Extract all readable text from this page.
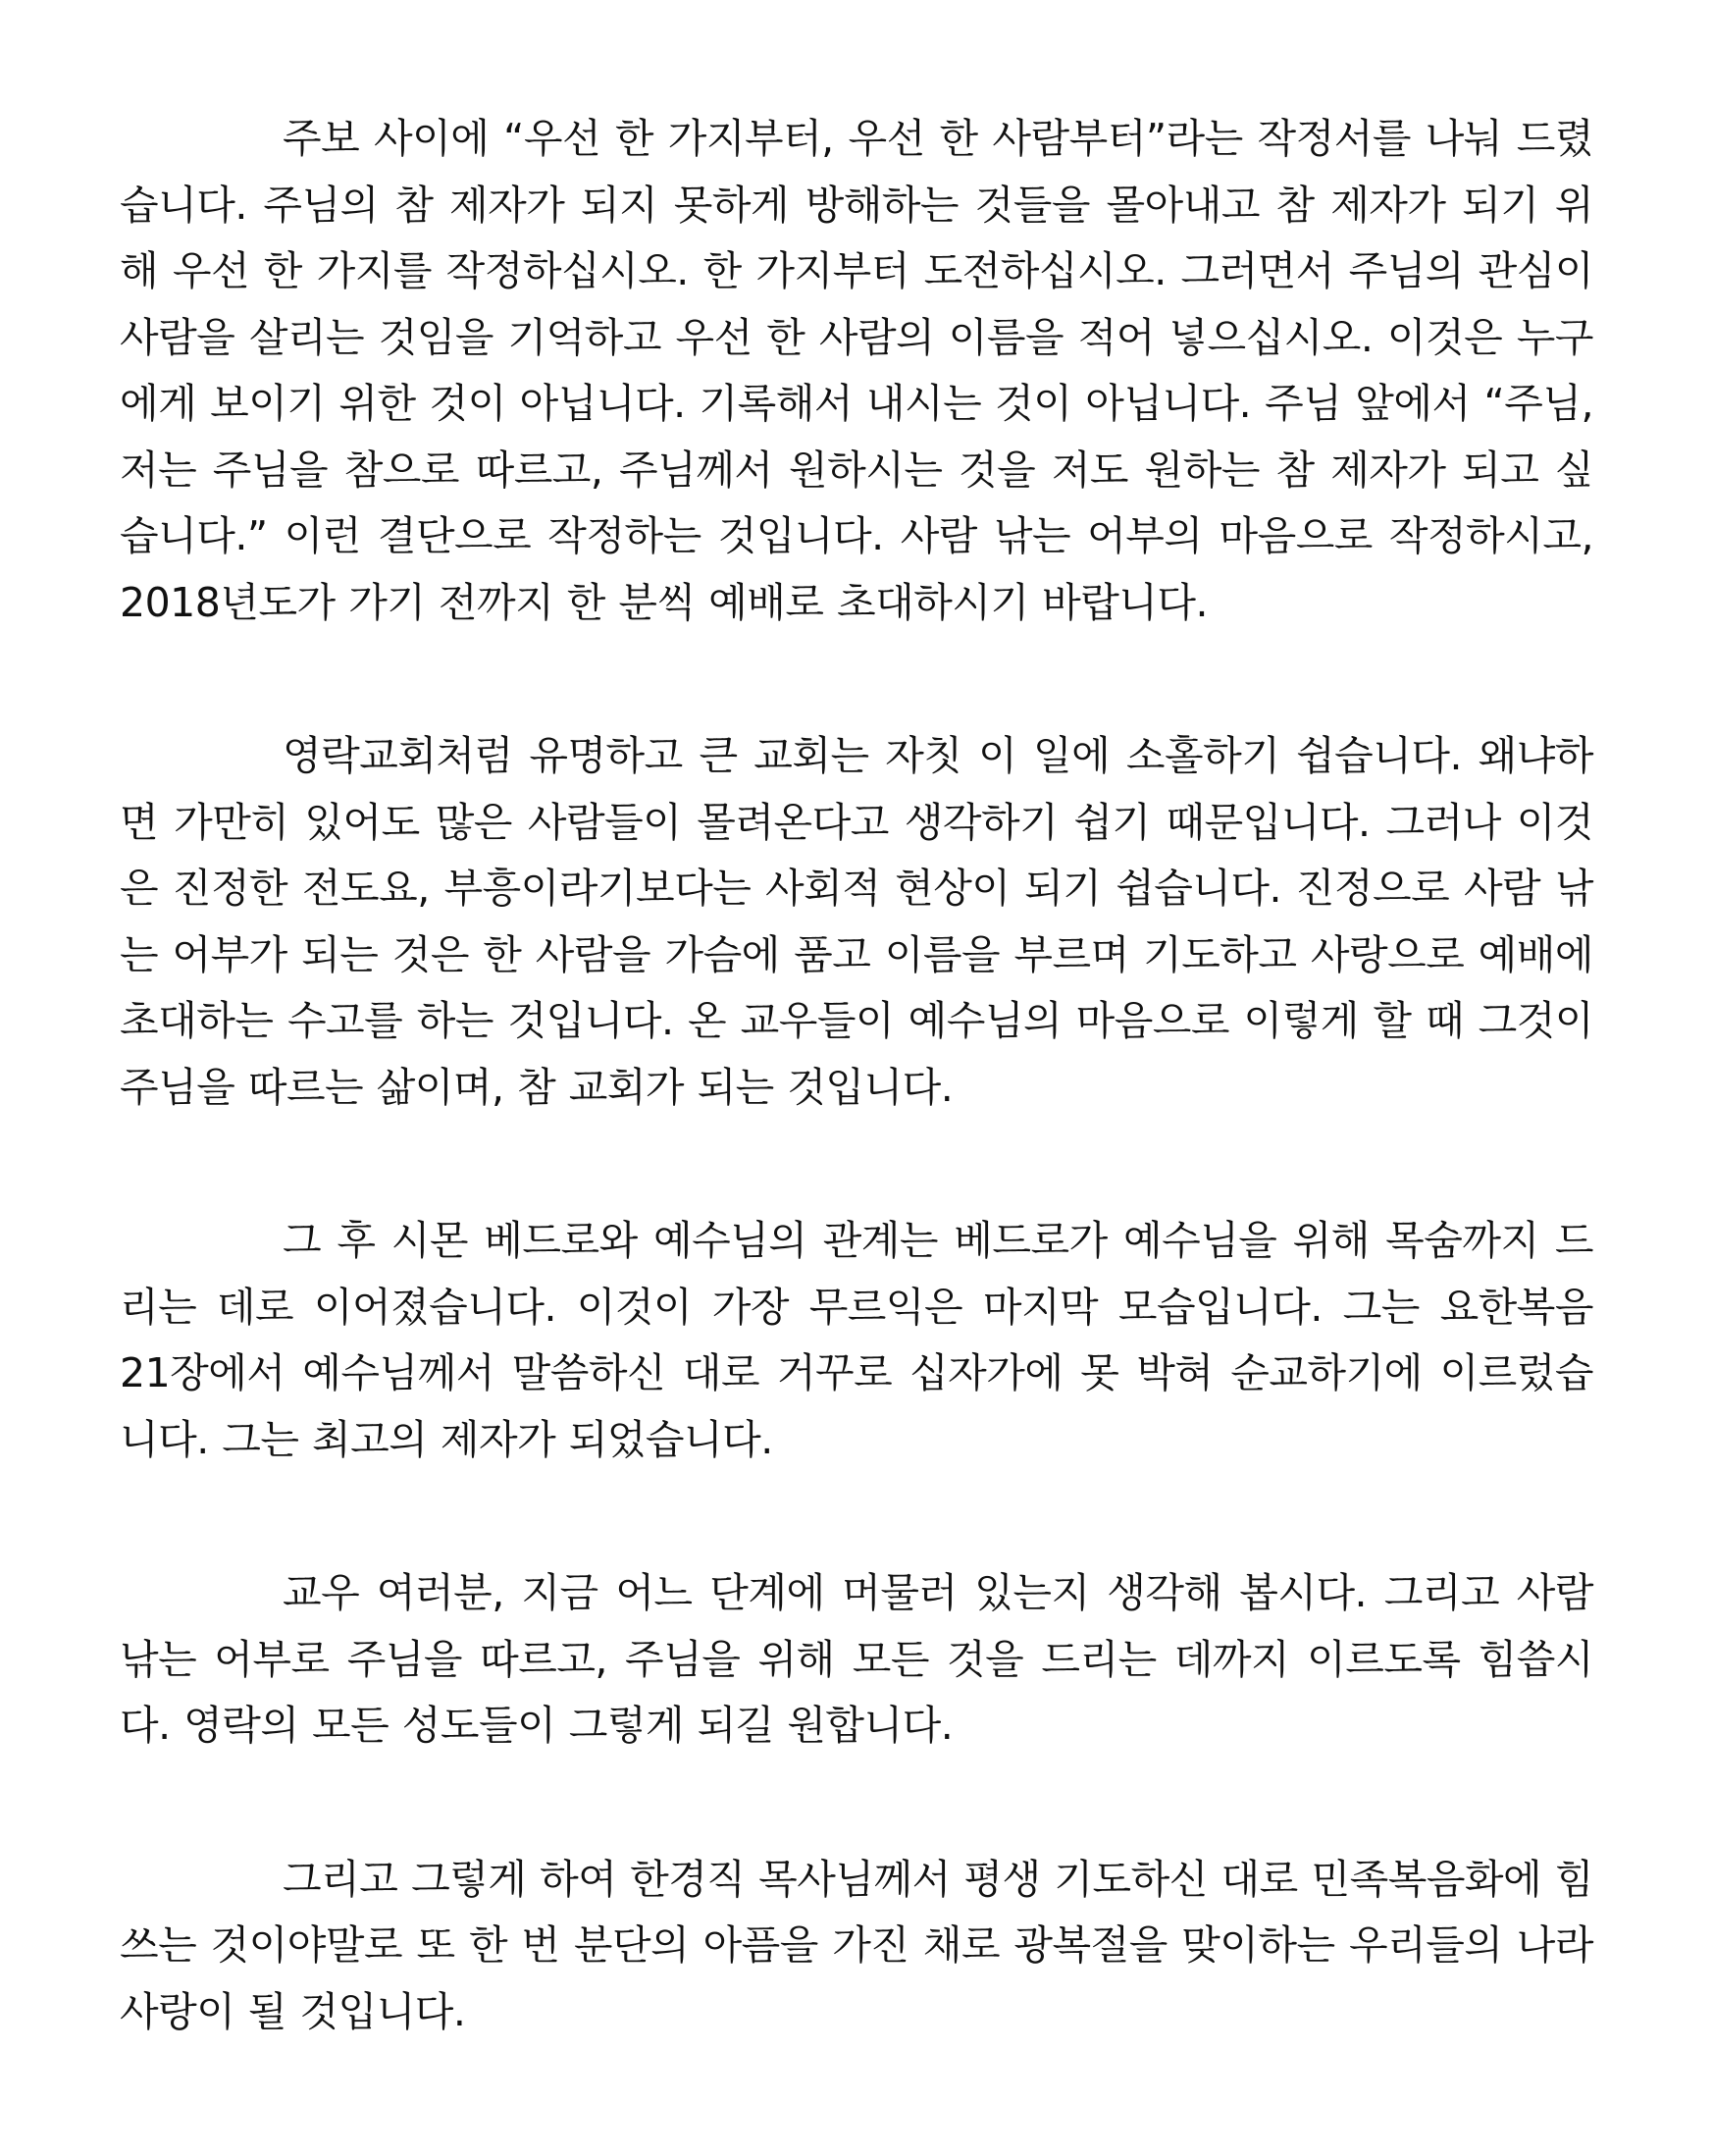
주보 사이에 “우선 한 가지부터, 우선 한 사람부터”라는 작정서를 나눠 드렸습니다. 주님의 참 제자가 되지 못하게 방해하는 것들을 몰아내고 참 제자가 되기 위해 우선 한 가지를 작정하십시오. 한 가지부터 도전하십시오. 그러면서 주님의 관심이 사람을 살리는 것임을 기억하고 우선 한 사람의 이름을 적어 넣으십시오. 이것은 누구에게 보이기 위한 것이 아닙니다. 기록해서 내시는 것이 아닙니다. 주님 앞에서 “주님, 저는 주님을 참으로 따르고, 주님께서 원하시는 것을 저도 원하는 참 제자가 되고 싶습니다.” 이런 결단으로 작정하는 것입니다. 사람 낚는 어부의 마음으로 작정하시고, 2018년도가 가기 전까지 한 분씩 예배로 초대하시기 바랍니다.

영락교회처럼 유명하고 큰 교회는 자칫 이 일에 소홀하기 쉽습니다. 왜냐하면 가만히 있어도 많은 사람들이 몰려온다고 생각하기 쉽기 때문입니다. 그러나 이것은 진정한 전도요, 부흥이라기보다는 사회적 현상이 되기 쉽습니다. 진정으로 사람 낚는 어부가 되는 것은 한 사람을 가슴에 품고 이름을 부르며 기도하고 사랑으로 예배에 초대하는 수고를 하는 것입니다. 온 교우들이 예수님의 마음으로 이렇게 할 때 그것이 주님을 따르는 삶이며, 참 교회가 되는 것입니다.

그 후 시몬 베드로와 예수님의 관계는 베드로가 예수님을 위해 목숨까지 드리는 데로 이어졌습니다. 이것이 가장 무르익은 마지막 모습입니다. 그는 요한복음 21장에서 예수님께서 말씀하신 대로 거꾸로 십자가에 못 박혀 순교하기에 이르렀습니다. 그는 최고의 제자가 되었습니다.

교우 여러분, 지금 어느 단계에 머물러 있는지 생각해 봅시다. 그리고 사람 낚는 어부로 주님을 따르고, 주님을 위해 모든 것을 드리는 데까지 이르도록 힘씁시다. 영락의 모든 성도들이 그렇게 되길 원합니다.

그리고 그렇게 하여 한경직 목사님께서 평생 기도하신 대로 민족복음화에 힘쓰는 것이야말로 또 한 번 분단의 아픔을 가진 채로 광복절을 맞이하는 우리들의 나라 사랑이 될 것입니다.
